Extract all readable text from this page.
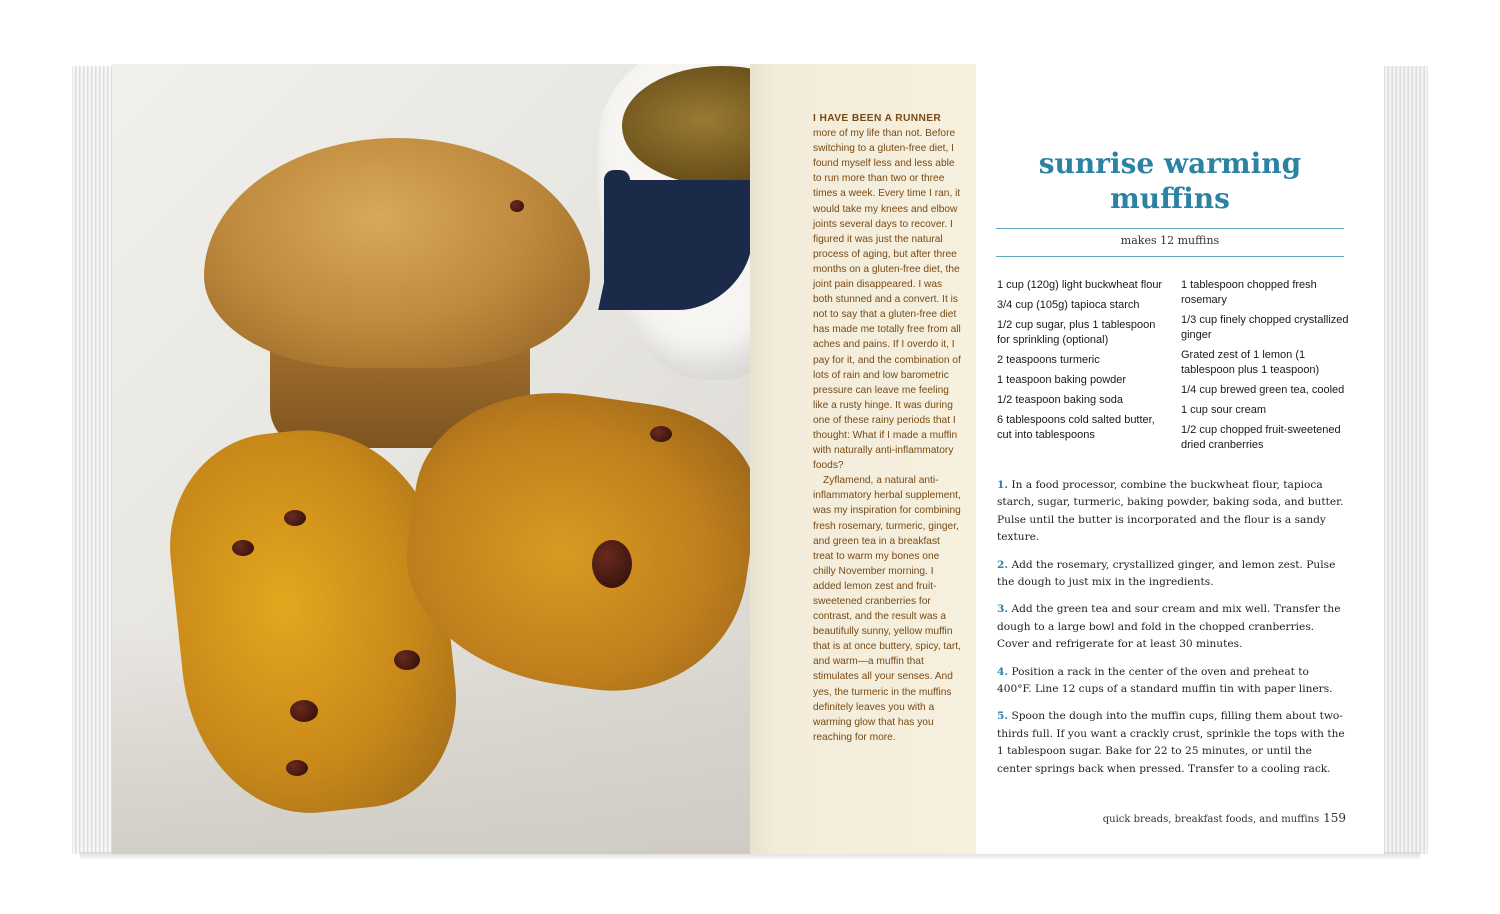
I HAVE BEEN A RUNNER more of my life than not. Before switching to a gluten-free diet, I found myself less and less able to run more than two or three times a week. Every time I ran, it would take my knees and elbow joints several days to recover. I figured it was just the natural process of aging, but after three months on a gluten-free diet, the joint pain disappeared. I was both stunned and a convert. It is not to say that a gluten-free diet has made me totally free from all aches and pains. If I overdo it, I pay for it, and the combination of lots of rain and low barometric pressure can leave me feeling like a rusty hinge. It was during one of these rainy periods that I thought: What if I made a muffin with naturally anti-inflammatory foods?

Zyflamend, a natural anti-inflammatory herbal supplement, was my inspiration for combining fresh rosemary, turmeric, ginger, and green tea in a breakfast treat to warm my bones one chilly November morning. I added lemon zest and fruit-sweetened cranberries for contrast, and the result was a beautifully sunny, yellow muffin that is at once buttery, spicy, tart, and warm—a muffin that stimulates all your senses. And yes, the turmeric in the muffins definitely leaves you with a warming glow that has you reaching for more.

sunrise warming
muffins
makes 12 muffins
1 cup (120g) light buckwheat flour
3/4 cup (105g) tapioca starch
1/2 cup sugar, plus 1 tablespoon for sprinkling (optional)
2 teaspoons turmeric
1 teaspoon baking powder
1/2 teaspoon baking soda
6 tablespoons cold salted butter, cut into tablespoons
1 tablespoon chopped fresh rosemary
1/3 cup finely chopped crystallized ginger
Grated zest of 1 lemon (1 tablespoon plus 1 teaspoon)
1/4 cup brewed green tea, cooled
1 cup sour cream
1/2 cup chopped fruit-sweetened dried cranberries
1. In a food processor, combine the buckwheat flour, tapioca starch, sugar, turmeric, baking powder, baking soda, and butter. Pulse until the butter is incorporated and the flour is a sandy texture.
2. Add the rosemary, crystallized ginger, and lemon zest. Pulse the dough to just mix in the ingredients.
3. Add the green tea and sour cream and mix well. Transfer the dough to a large bowl and fold in the chopped cranberries. Cover and refrigerate for at least 30 minutes.
4. Position a rack in the center of the oven and preheat to 400°F. Line 12 cups of a standard muffin tin with paper liners.
5. Spoon the dough into the muffin cups, filling them about two-thirds full. If you want a crackly crust, sprinkle the tops with the 1 tablespoon sugar. Bake for 22 to 25 minutes, or until the center springs back when pressed. Transfer to a cooling rack.
quick breads, breakfast foods, and muffins 159
